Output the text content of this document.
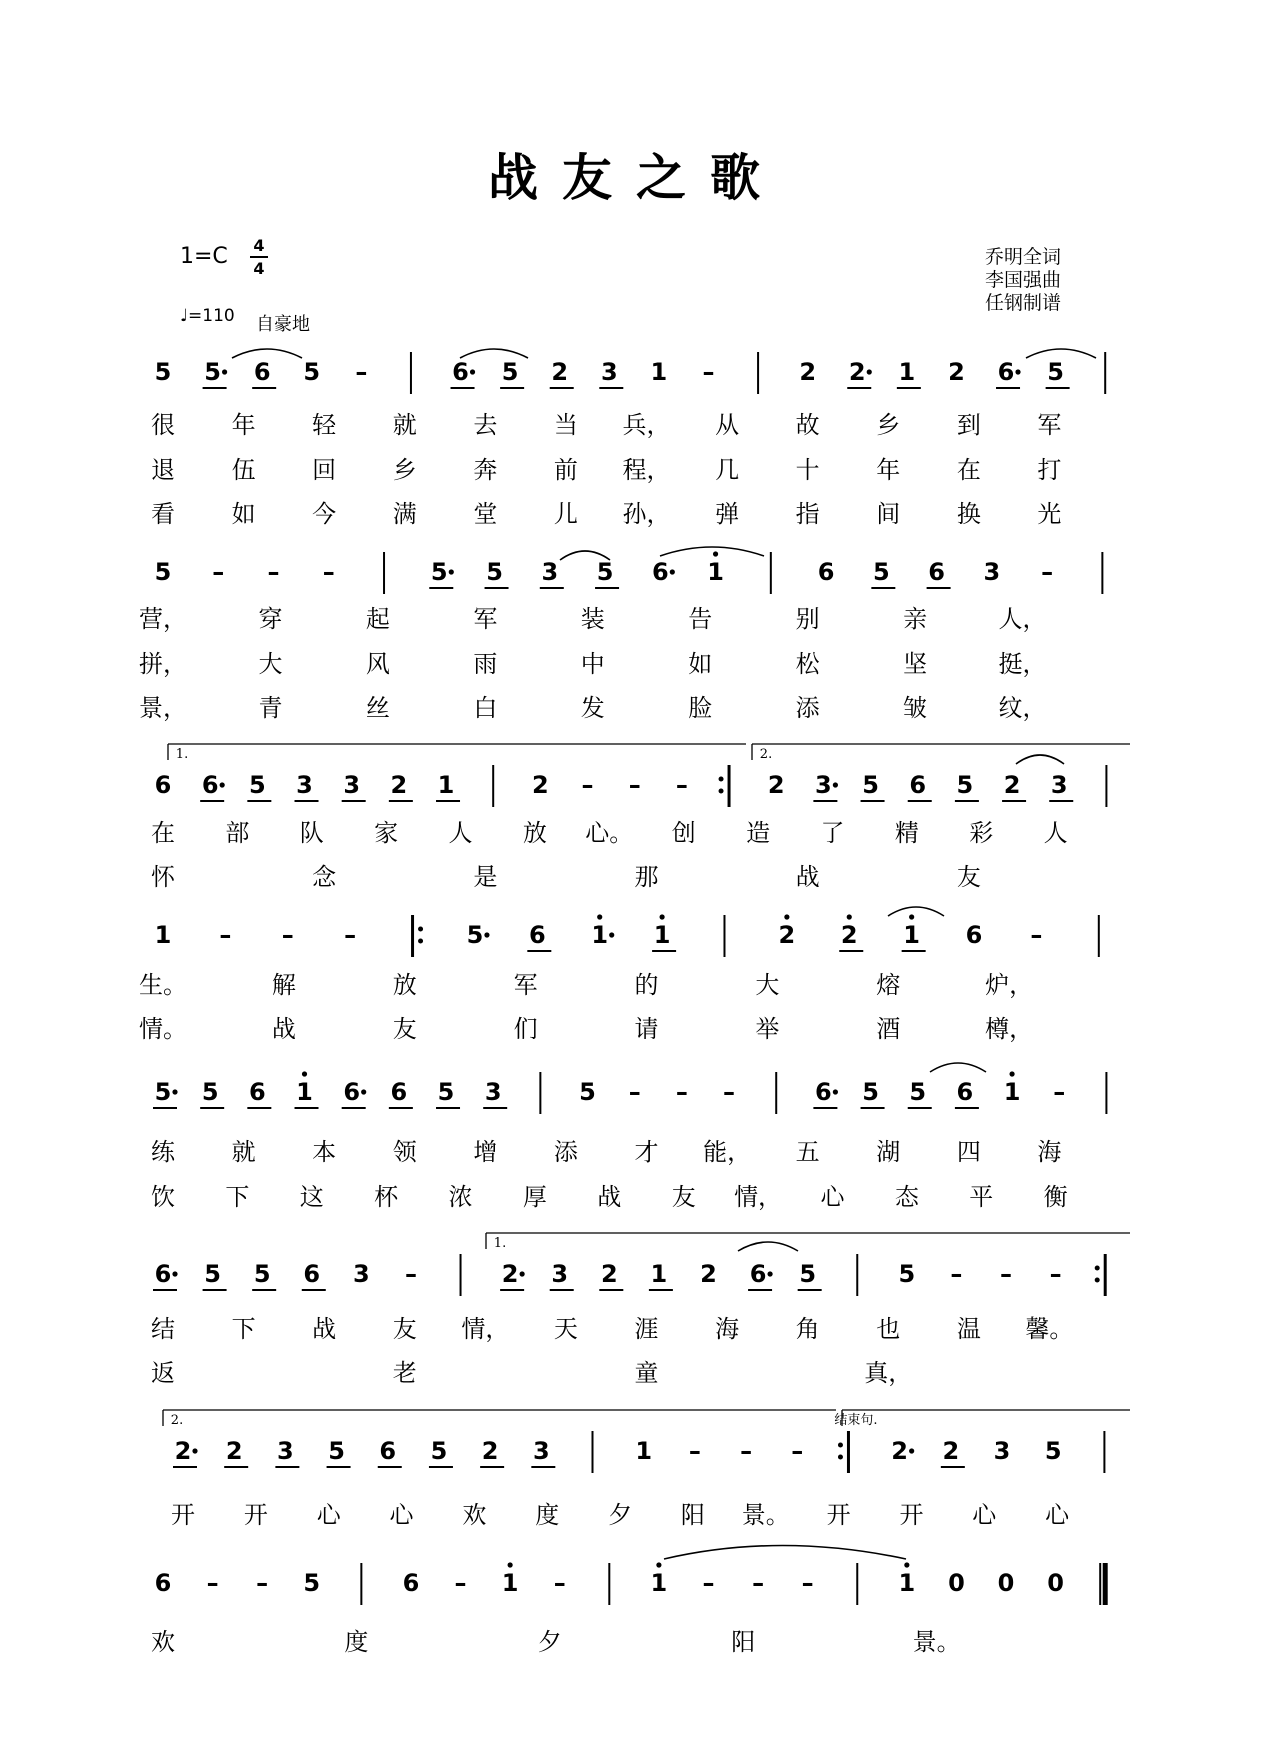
战友之歌
1=C 4
4
♩=110 自豪地
乔明全词
李国强曲
任钢制谱
5 5 6 5 –	6 5 2 3 1 –	2 2 1 2 6 5
很 年 轻 就 去 当 兵， 从 故 乡 到 军
退 伍 回 乡 奔 前 程， 几 十 年 在 打
看 如 今 满 堂 儿 孙， 弹 指 间 换 光
5 – – –	5 5 3 5 6 1	6 5 6 3 –
营，	穿	起	军	装	告	别	亲	人，
拼，	大	风	雨	中	如	松	坚	挺，
景，	青	丝	白	发	脸	添	皱	纹，
6 6 5 3 3 2 1	2 – – –	2 3 5 6 5 2 3
在 部 队 家 人 放 心。 创 造 了 精 彩 人
怀	念	是	那	战	友
1 – – –	5 6 1 1	2 2 1 6 –
生。	解	放	军	的	大	熔	炉，
情。	战	友	们	请	举	酒	樽，
5 5 6 1 6 6 5 3	5 – – –	6 5 5 6 1 –
练 就 本 领 增 添 才 能， 五 湖 四 海
饮 下 这 杯 浓 厚 战 友 情， 心 态 平 衡
6 5 5 6 3 –	2 3 2 1 2 6 5	5 – – –
结 下 战 友 情， 天 涯 海 角 也 温 馨。
返	老	童	真，
2 2 3 5 6 5 2 3	1 – – –	2 2 3 5
开 开 心 心 欢 度 夕 阳 景。 开 开 心 心
6 – – 5	6 – 1 –	1 – – –	1 0 0 0
欢	度	夕	阳	景。
1.	2.
1.
2.	结束句.
